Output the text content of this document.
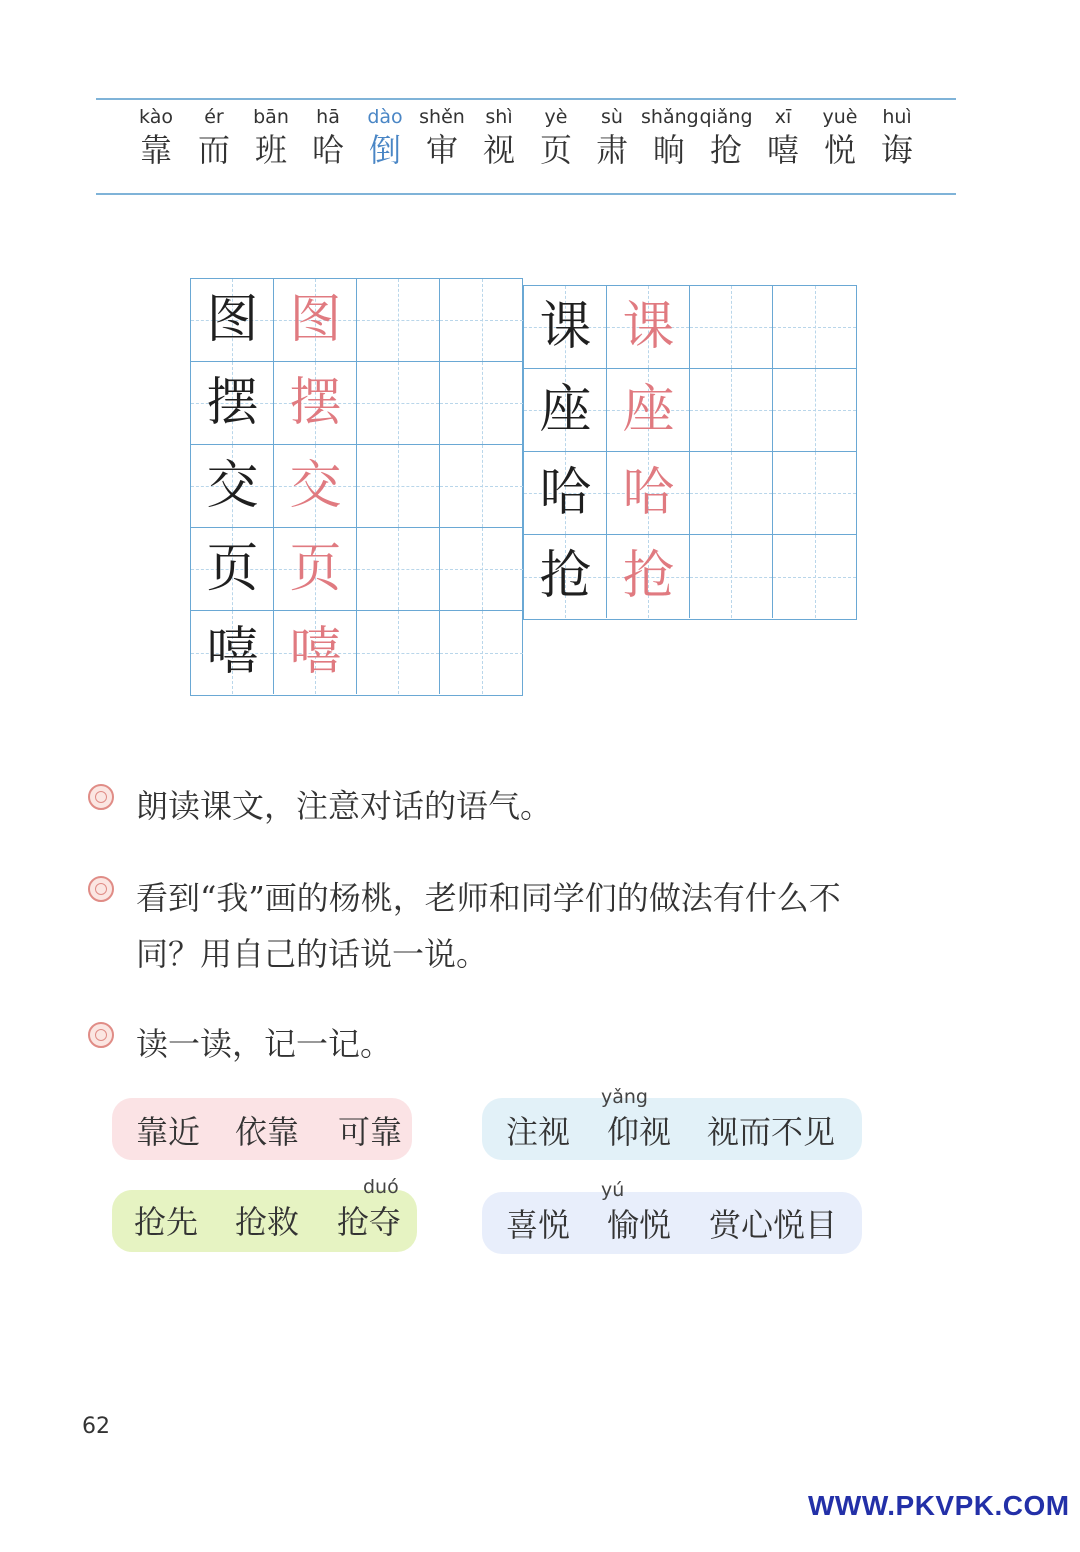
kào
靠
ér
而
bān
班
hā
哈
dào
倒
shěn
审
shì
视
yè
页
sù
肃
shǎng
晌
qiǎng
抢
xī
嘻
yuè
悦
huì
诲
图 图
摆 摆
交 交
页 页
嘻 嘻
课 课
座 座
哈 哈
抢 抢
朗读课文，注意对话的语气。
看到“我”画的杨桃，老师和同学们的做法有什么不
同？用自己的话说一说。
读一读，记一记。
靠近 依靠 可靠	注视 仰视
yǎng
视而不见
抢先 抢救 抢夺
duó
喜悦 愉悦
yú
赏心悦目
62
WWW.PKVPK.COM
